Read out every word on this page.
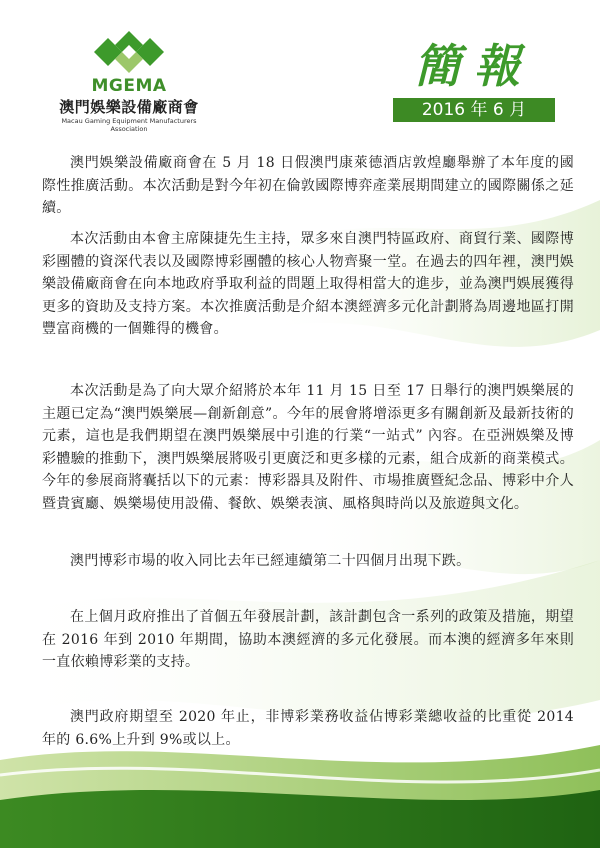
MGEMA
澳門娛樂設備廠商會
Macau Gaming Equipment Manufacturers Association
簡報
2016 年 6 月

澳門娛樂設備廠商會在 5 月 18 日假澳門康萊德酒店敦煌廳舉辦了本年度的國際性推廣活動。本次活動是對今年初在倫敦國際博弈產業展期間建立的國際關係之延續。

本次活動由本會主席陳捷先生主持，眾多來自澳門特區政府、商貿行業、國際博彩團體的資深代表以及國際博彩團體的核心人物齊聚一堂。在過去的四年裡，澳門娛樂設備廠商會在向本地政府爭取利益的問題上取得相當大的進步，並為澳門娛展獲得更多的資助及支持方案。本次推廣活動是介紹本澳經濟多元化計劃將為周邊地區打開豐富商機的一個難得的機會。

本次活動是為了向大眾介紹將於本年 11 月 15 日至 17 日舉行的澳門娛樂展的主題已定為“澳門娛樂展—創新創意”。今年的展會將增添更多有關創新及最新技術的元素，這也是我們期望在澳門娛樂展中引進的行業“一站式” 內容。在亞洲娛樂及博彩體驗的推動下，澳門娛樂展將吸引更廣泛和更多樣的元素，組合成新的商業模式。今年的參展商將囊括以下的元素：博彩器具及附件、市場推廣暨紀念品、博彩中介人暨貴賓廳、娛樂場使用設備、餐飲、娛樂表演、風格與時尚以及旅遊與文化。

澳門博彩市場的收入同比去年已經連續第二十四個月出現下跌。

在上個月政府推出了首個五年發展計劃，該計劃包含一系列的政策及措施，期望在 2016 年到 2010 年期間，協助本澳經濟的多元化發展。而本澳的經濟多年來則一直依賴博彩業的支持。

澳門政府期望至 2020 年止，非博彩業務收益佔博彩業總收益的比重從 2014 年的 6.6%上升到 9%或以上。
